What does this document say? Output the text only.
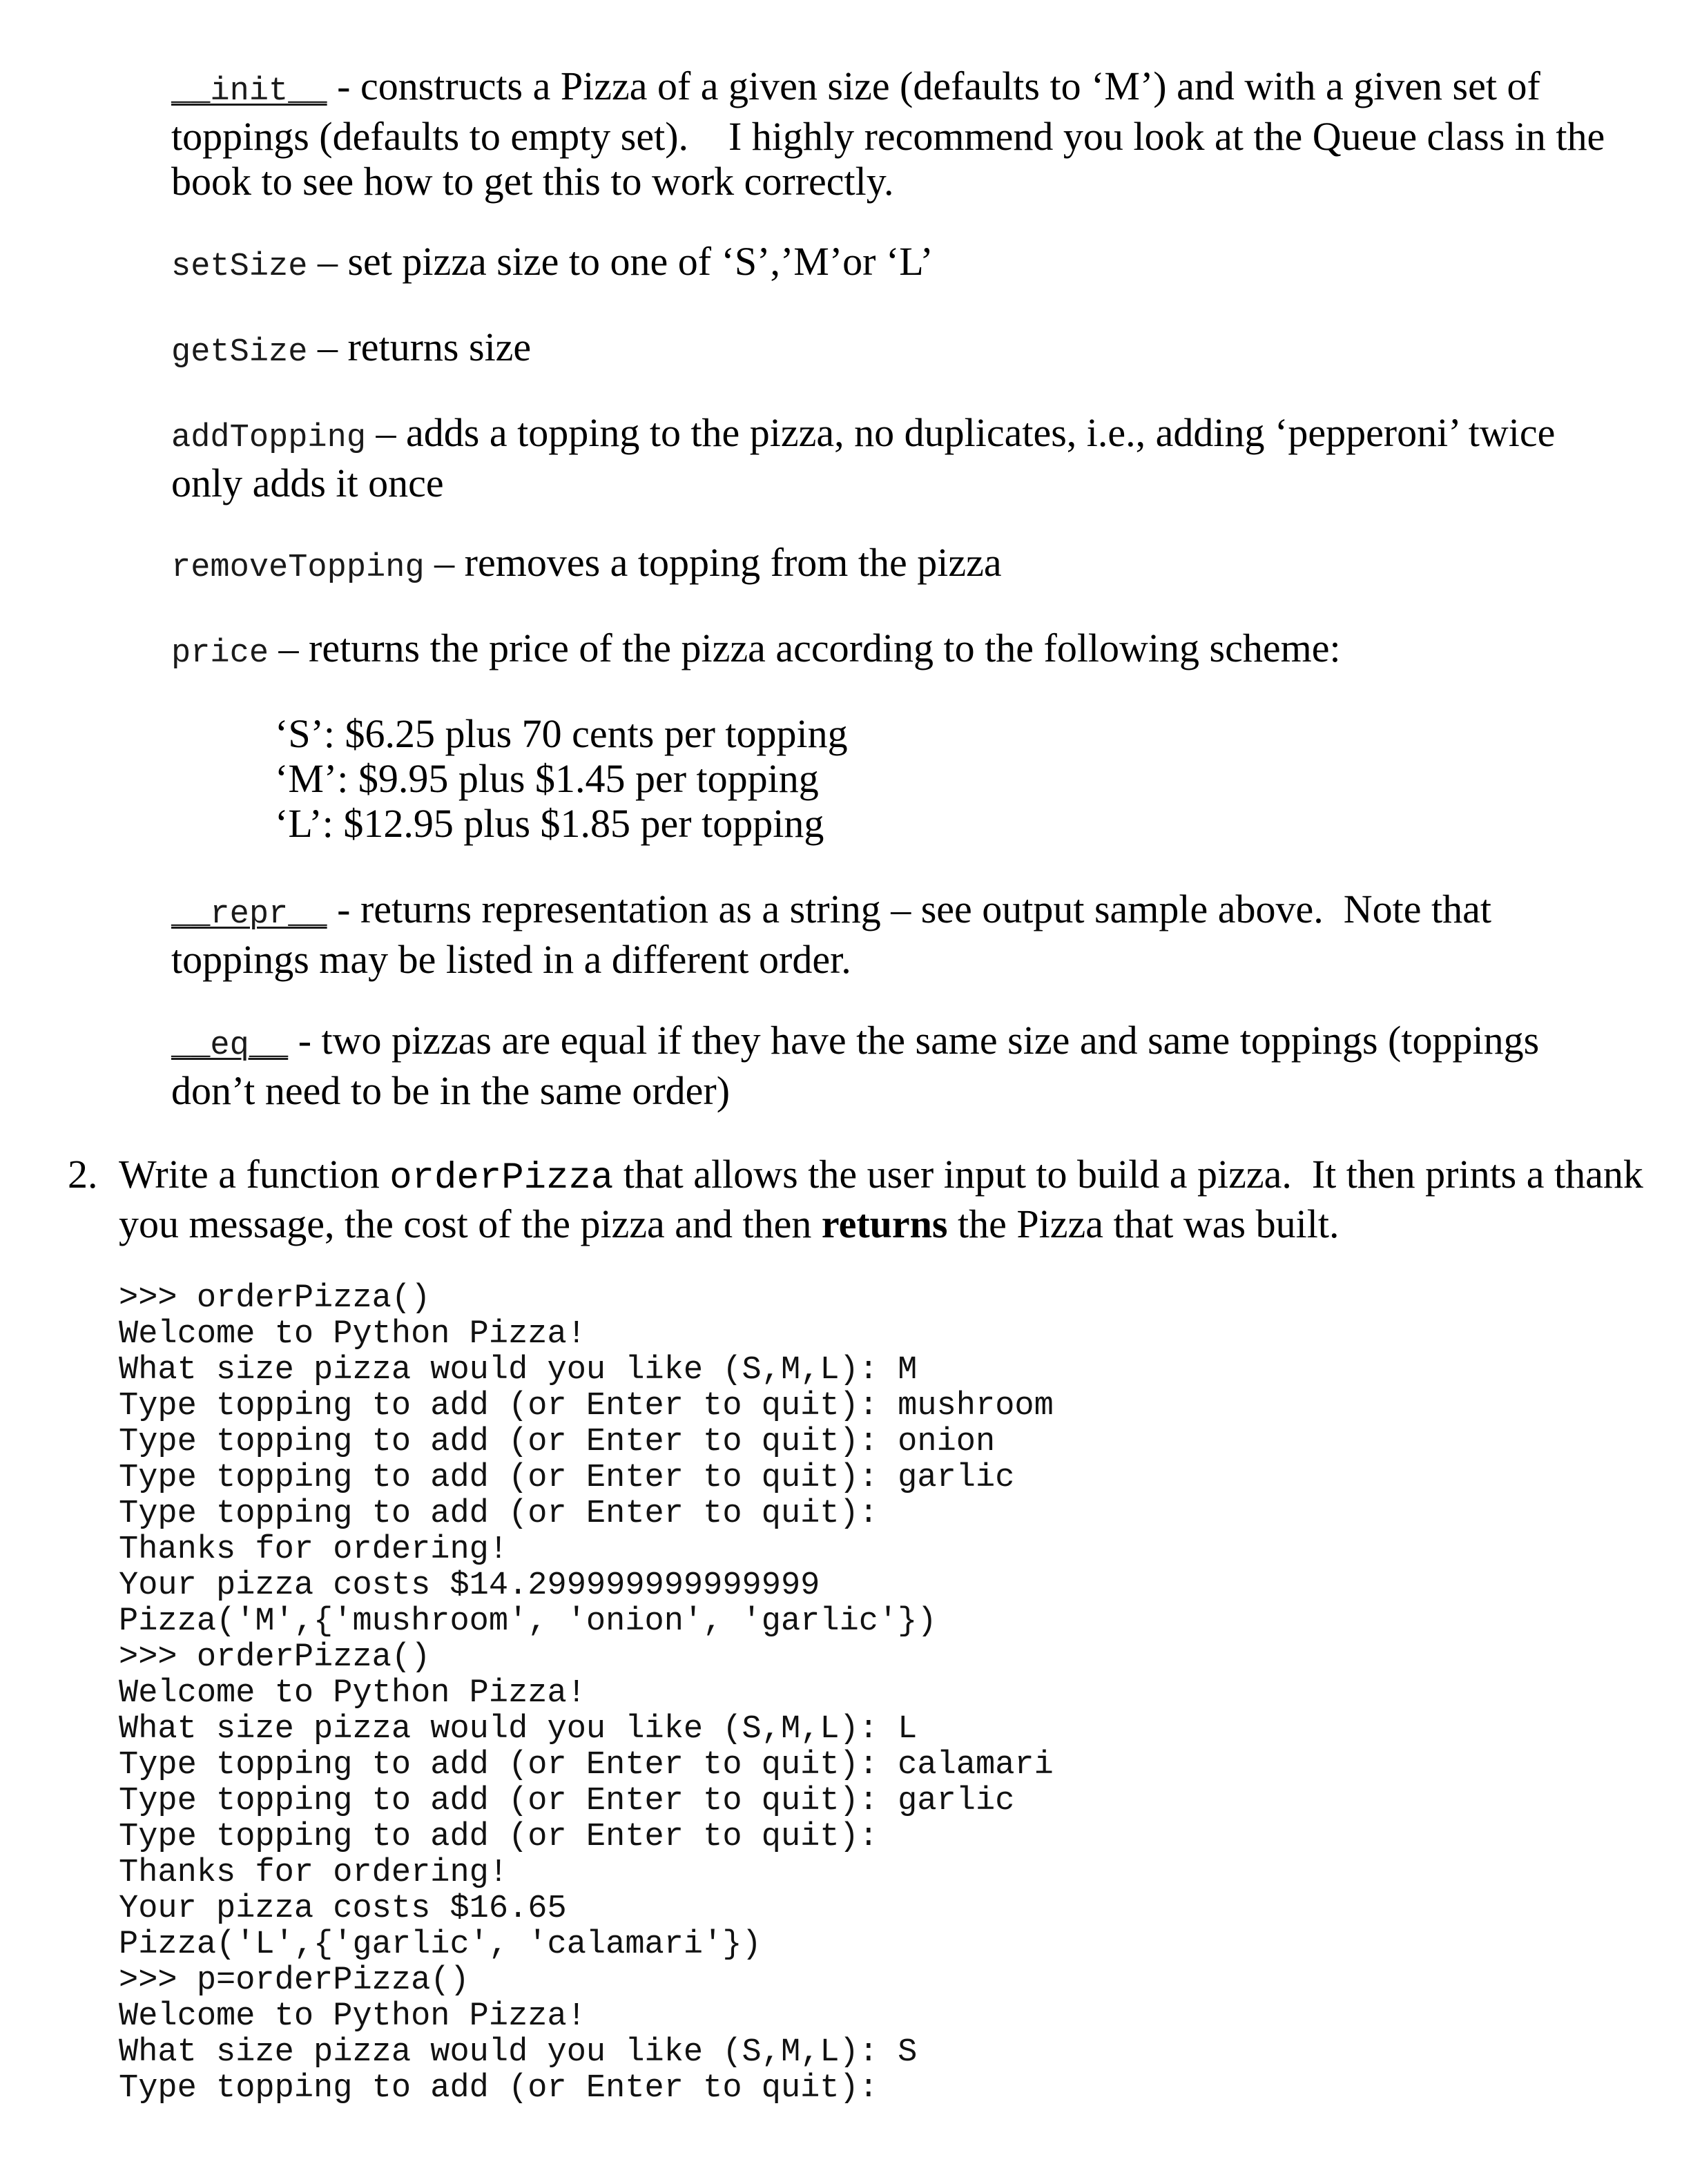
__init__ - constructs a Pizza of a given size (defaults to ‘M’) and with a given set of toppings (defaults to empty set).    I highly recommend you look at the Queue class in the book to see how to get this to work correctly.

setSize – set pizza size to one of ‘S’,’M’or ‘L’

getSize – returns size

addTopping – adds a topping to the pizza, no duplicates, i.e., adding ‘pepperoni’ twice only adds it once

removeTopping – removes a topping from the pizza

price – returns the price of the pizza according to the following scheme:

‘S’: $6.25 plus 70 cents per topping
‘M’: $9.95 plus $1.45 per topping
‘L’: $12.95 plus $1.85 per topping

__repr__ - returns representation as a string – see output sample above.  Note that toppings may be listed in a different order.

__eq__ - two pizzas are equal if they have the same size and same toppings (toppings don’t need to be in the same order)

2. Write a function orderPizza that allows the user input to build a pizza.  It then prints a thank you message, the cost of the pizza and then returns the Pizza that was built.
>>> orderPizza()
Welcome to Python Pizza!
What size pizza would you like (S,M,L): M
Type topping to add (or Enter to quit): mushroom
Type topping to add (or Enter to quit): onion
Type topping to add (or Enter to quit): garlic
Type topping to add (or Enter to quit):
Thanks for ordering!
Your pizza costs $14.299999999999999
Pizza('M',{'mushroom', 'onion', 'garlic'})
>>> orderPizza()
Welcome to Python Pizza!
What size pizza would you like (S,M,L): L
Type topping to add (or Enter to quit): calamari
Type topping to add (or Enter to quit): garlic
Type topping to add (or Enter to quit):
Thanks for ordering!
Your pizza costs $16.65
Pizza('L',{'garlic', 'calamari'})
>>> p=orderPizza()
Welcome to Python Pizza!
What size pizza would you like (S,M,L): S
Type topping to add (or Enter to quit):
